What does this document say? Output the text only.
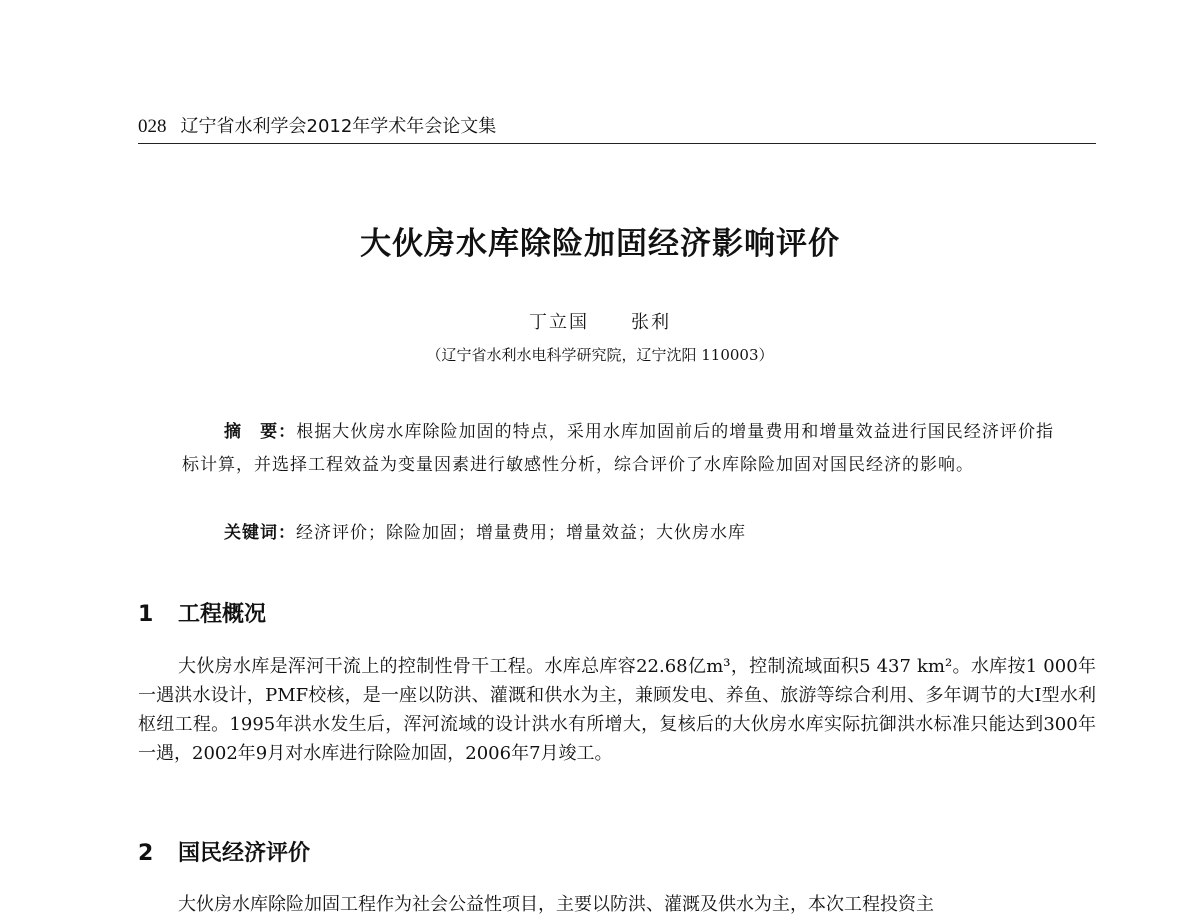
028 辽宁省水利学会2012年学术年会论文集
大伙房水库除险加固经济影响评价
丁立国 张利
（辽宁省水利水电科学研究院，辽宁沈阳 110003）
摘　要：根据大伙房水库除险加固的特点，采用水库加固前后的增量费用和增量效益进行国民经济评价指标计算，并选择工程效益为变量因素进行敏感性分析，综合评价了水库除险加固对国民经济的影响。
关键词：经济评价；除险加固；增量费用；增量效益；大伙房水库
1 工程概况
大伙房水库是浑河干流上的控制性骨干工程。水库总库容22.68亿m³，控制流域面积5 437 km²。水库按1 000年一遇洪水设计，PMF校核，是一座以防洪、灌溉和供水为主，兼顾发电、养鱼、旅游等综合利用、多年调节的大Ⅰ型水利枢纽工程。1995年洪水发生后，浑河流域的设计洪水有所增大，复核后的大伙房水库实际抗御洪水标准只能达到300年一遇，2002年9月对水库进行除险加固，2006年7月竣工。
2 国民经济评价
大伙房水库除险加固工程作为社会公益性项目，主要以防洪、灌溉及供水为主，本次工程投资主
